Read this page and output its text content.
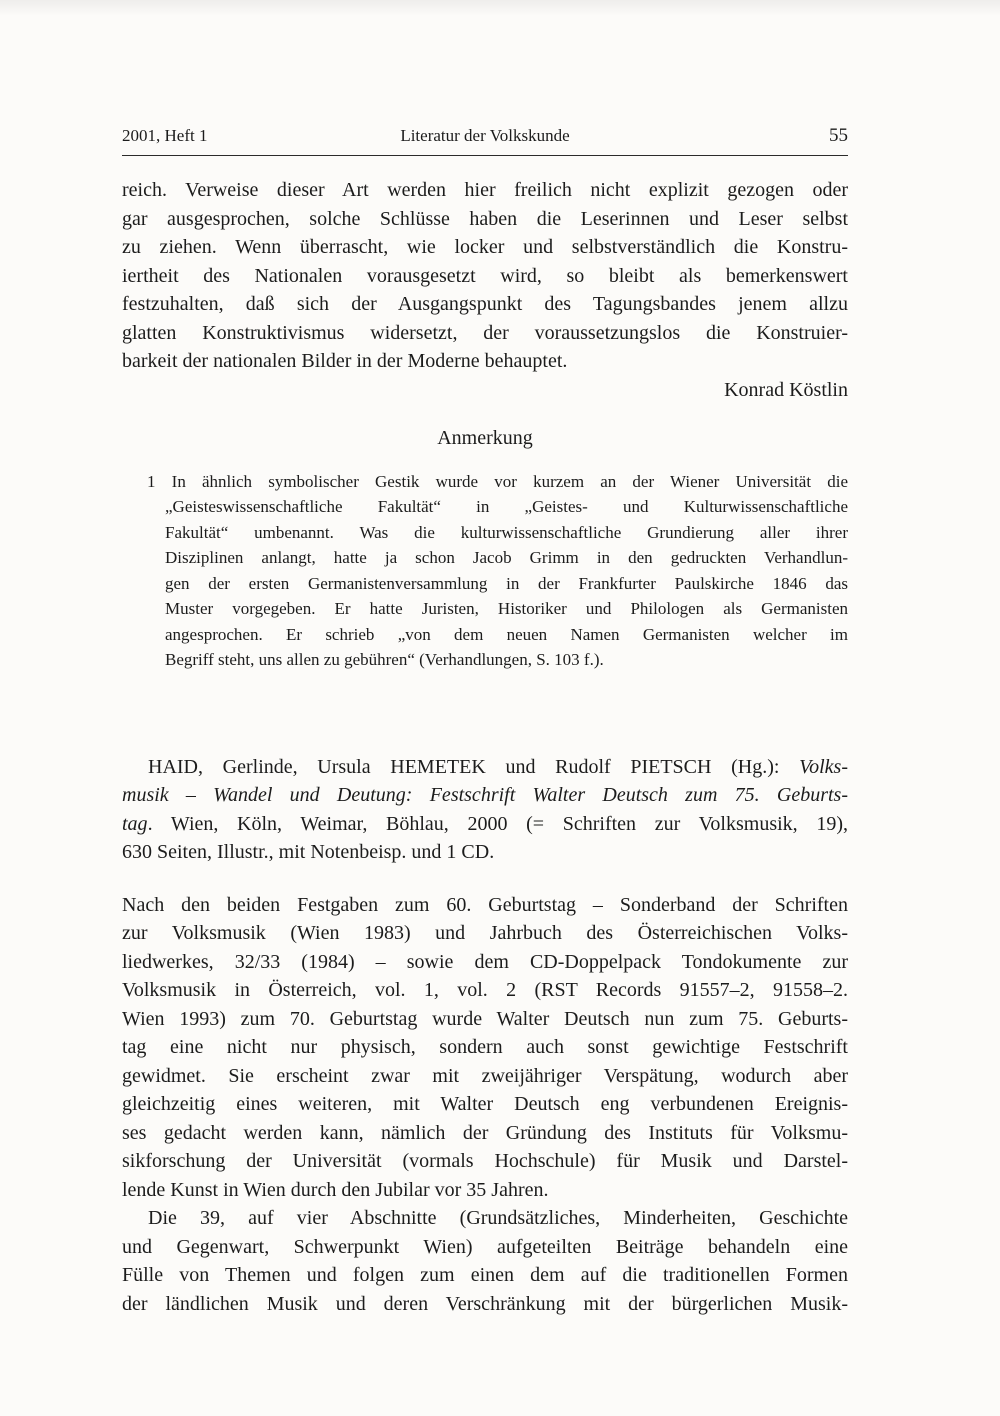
2001, Heft 1	Literatur der Volkskunde	55
reich. Verweise dieser Art werden hier freilich nicht explizit gezogen oder
gar ausgesprochen, solche Schlüsse haben die Leserinnen und Leser selbst
zu ziehen. Wenn überrascht, wie locker und selbstverständlich die Konstru-
iertheit des Nationalen vorausgesetzt wird, so bleibt als bemerkenswert
festzuhalten, daß sich der Ausgangspunkt des Tagungsbandes jenem allzu
glatten Konstruktivismus widersetzt, der voraussetzungslos die Konstruier-
barkeit der nationalen Bilder in der Moderne behauptet.
Konrad Köstlin
Anmerkung
1 In ähnlich symbolischer Gestik wurde vor kurzem an der Wiener Universität die
„Geisteswissenschaftliche Fakultät“ in „Geistes- und Kulturwissenschaftliche
Fakultät“ umbenannt. Was die kulturwissenschaftliche Grundierung aller ihrer
Disziplinen anlangt, hatte ja schon Jacob Grimm in den gedruckten Verhandlun-
gen der ersten Germanistenversammlung in der Frankfurter Paulskirche 1846 das
Muster vorgegeben. Er hatte Juristen, Historiker und Philologen als Germanisten
angesprochen. Er schrieb „von dem neuen Namen Germanisten welcher im
Begriff steht, uns allen zu gebühren“ (Verhandlungen, S. 103 f.).
HAID, Gerlinde, Ursula HEMETEK und Rudolf PIETSCH (Hg.): Volks-
musik – Wandel und Deutung: Festschrift Walter Deutsch zum 75. Geburts-
tag. Wien, Köln, Weimar, Böhlau, 2000 (= Schriften zur Volksmusik, 19),
630 Seiten, Illustr., mit Notenbeisp. und 1 CD.
Nach den beiden Festgaben zum 60. Geburtstag – Sonderband der Schriften
zur Volksmusik (Wien 1983) und Jahrbuch des Österreichischen Volks-
liedwerkes, 32/33 (1984) – sowie dem CD-Doppelpack Tondokumente zur
Volksmusik in Österreich, vol. 1, vol. 2 (RST Records 91557–2, 91558–2.
Wien 1993) zum 70. Geburtstag wurde Walter Deutsch nun zum 75. Geburts-
tag eine nicht nur physisch, sondern auch sonst gewichtige Festschrift
gewidmet. Sie erscheint zwar mit zweijähriger Verspätung, wodurch aber
gleichzeitig eines weiteren, mit Walter Deutsch eng verbundenen Ereignis-
ses gedacht werden kann, nämlich der Gründung des Instituts für Volksmu-
sikforschung der Universität (vormals Hochschule) für Musik und Darstel-
lende Kunst in Wien durch den Jubilar vor 35 Jahren.
Die 39, auf vier Abschnitte (Grundsätzliches, Minderheiten, Geschichte
und Gegenwart, Schwerpunkt Wien) aufgeteilten Beiträge behandeln eine
Fülle von Themen und folgen zum einen dem auf die traditionellen Formen
der ländlichen Musik und deren Verschränkung mit der bürgerlichen Musik-
